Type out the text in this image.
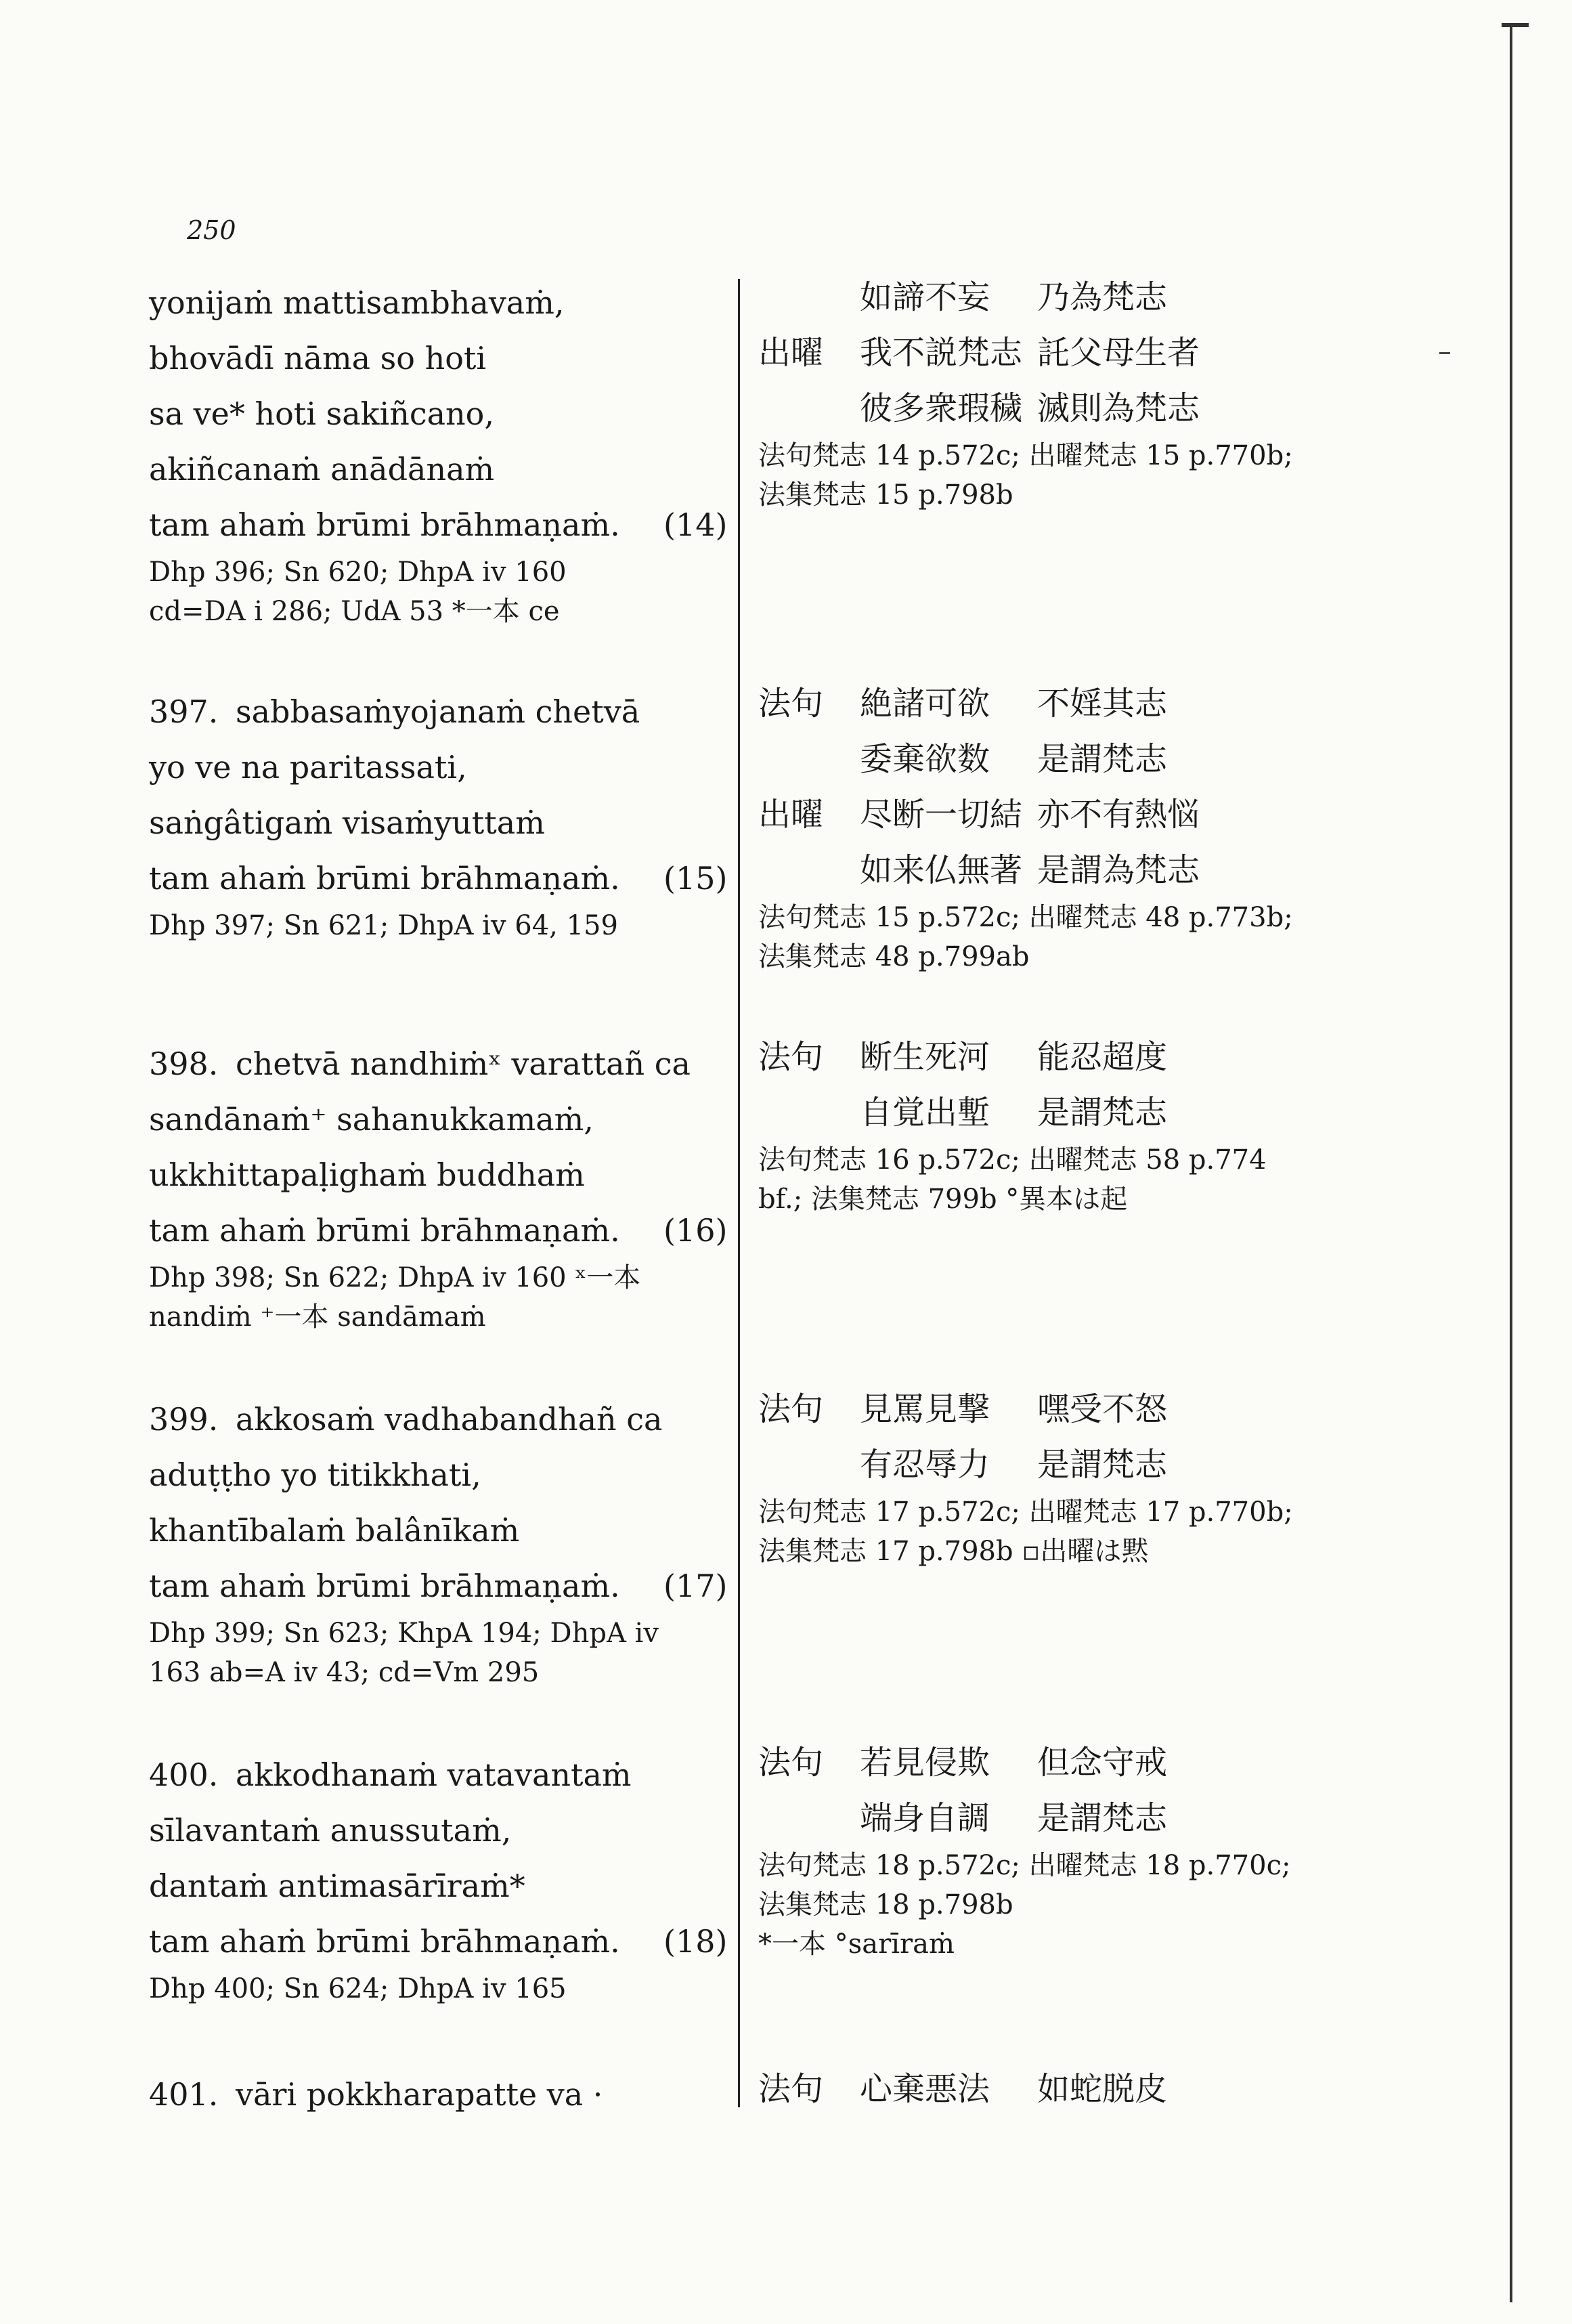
250
yonijaṁ mattisambhavaṁ,
bhovādī nāma so hoti
sa ve* hoti sakiñcano,
akiñcanaṁ anādānaṁ
tam ahaṁ brūmi brāhmaṇaṁ. (14)
Dhp 396; Sn 620; DhpA iv 160
cd=DA i 286; UdA 53 *一本 ce
397. sabbasaṁyojanaṁ chetvā
yo ve na paritassati,
saṅgâtigaṁ visaṁyuttaṁ
tam ahaṁ brūmi brāhmaṇaṁ. (15)
Dhp 397; Sn 621; DhpA iv 64, 159
398. chetvā nandhiṁˣ varattañ ca
sandānaṁ⁺ sahanukkamaṁ,
ukkhittapaḷighaṁ buddhaṁ
tam ahaṁ brūmi brāhmaṇaṁ. (16)
Dhp 398; Sn 622; DhpA iv 160 ˣ一本
nandiṁ ⁺一本 sandāmaṁ
399. akkosaṁ vadhabandhañ ca
aduṭṭho yo titikkhati,
khantībalaṁ balânīkaṁ
tam ahaṁ brūmi brāhmaṇaṁ. (17)
Dhp 399; Sn 623; KhpA 194; DhpA iv
163 ab=A iv 43; cd=Vm 295
400. akkodhanaṁ vatavantaṁ
sīlavantaṁ anussutaṁ,
dantaṁ antimasārīraṁ*
tam ahaṁ brūmi brāhmaṇaṁ. (18)
Dhp 400; Sn 624; DhpA iv 165
401. vāri pokkharapatte va ·
如諦不妄 乃為梵志
出曜 我不説梵志 託父母生者
彼多衆瑕穢 滅則為梵志
法句梵志 14 p.572c; 出曜梵志 15 p.770b;
法集梵志 15 p.798b
法句 絶諸可欲 不婬其志
委棄欲数 是謂梵志
出曜 尽断一切結 亦不有熱悩
如来仏無著 是謂為梵志
法句梵志 15 p.572c; 出曜梵志 48 p.773b;
法集梵志 48 p.799ab
法句 断生死河 能忍超度
自覚出塹 是謂梵志
法句梵志 16 p.572c; 出曜梵志 58 p.774
bf.; 法集梵志 799b °異本は起
法句 見罵見撃 嘿受不怒
有忍辱力 是謂梵志
法句梵志 17 p.572c; 出曜梵志 17 p.770b;
法集梵志 17 p.798b ▫出曜は黙
法句 若見侵欺 但念守戒
端身自調 是謂梵志
法句梵志 18 p.572c; 出曜梵志 18 p.770c;
法集梵志 18 p.798b
*一本 °sarīraṁ
法句 心棄悪法 如蛇脱皮
